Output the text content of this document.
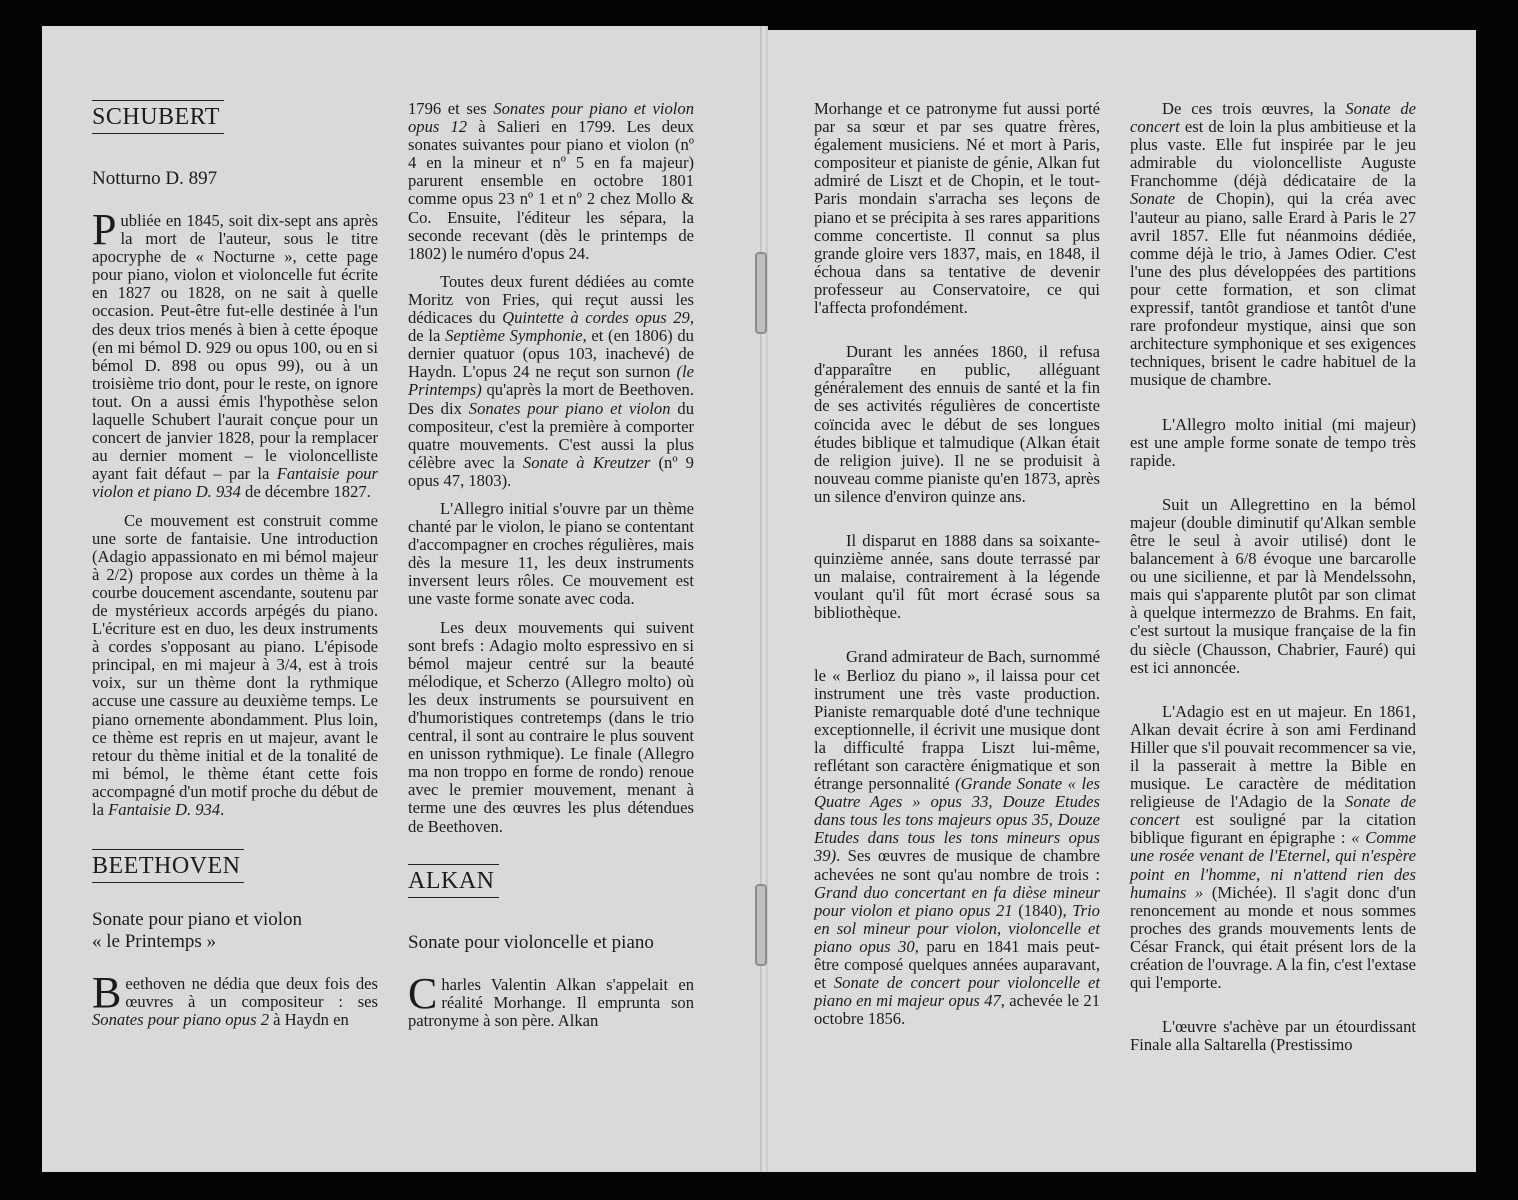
SCHUBERT
Notturno D. 897

Publiée en 1845, soit dix-sept ans après la mort de l'auteur, sous le titre apocryphe de « Nocturne », cette page pour piano, violon et violoncelle fut écrite en 1827 ou 1828, on ne sait à quelle occasion. Peut-être fut-elle destinée à l'un des deux trios menés à bien à cette époque (en mi bémol D. 929 ou opus 100, ou en si bémol D. 898 ou opus 99), ou à un troisième trio dont, pour le reste, on ignore tout. On a aussi émis l'hypothèse selon laquelle Schubert l'aurait conçue pour un concert de janvier 1828, pour la remplacer au dernier moment – le violoncelliste ayant fait défaut – par la Fantaisie pour violon et piano D. 934 de décembre 1827.

Ce mouvement est construit comme une sorte de fantaisie. Une introduction (Adagio appassionato en mi bémol majeur à 2/2) propose aux cordes un thème à la courbe doucement ascendante, soutenu par de mystérieux accords arpégés du piano. L'écriture est en duo, les deux instruments à cordes s'opposant au piano. L'épisode principal, en mi majeur à 3/4, est à trois voix, sur un thème dont la rythmique accuse une cassure au deuxième temps. Le piano ornemente abondamment. Plus loin, ce thème est repris en ut majeur, avant le retour du thème initial et de la tonalité de mi bémol, le thème étant cette fois accompagné d'un motif proche du début de la Fantaisie D. 934.

BEETHOVEN
Sonate pour piano et violon
« le Printemps »

Beethoven ne dédia que deux fois des œuvres à un compositeur : ses Sonates pour piano opus 2 à Haydn en

1796 et ses Sonates pour piano et violon opus 12 à Salieri en 1799. Les deux sonates suivantes pour piano et violon (nº 4 en la mineur et nº 5 en fa majeur) parurent ensemble en octobre 1801 comme opus 23 nº 1 et nº 2 chez Mollo & Co. Ensuite, l'éditeur les sépara, la seconde recevant (dès le printemps de 1802) le numéro d'opus 24.

Toutes deux furent dédiées au comte Moritz von Fries, qui reçut aussi les dédicaces du Quintette à cordes opus 29, de la Septième Symphonie, et (en 1806) du dernier quatuor (opus 103, inachevé) de Haydn. L'opus 24 ne reçut son surnon (le Printemps) qu'après la mort de Beethoven. Des dix Sonates pour piano et violon du compositeur, c'est la première à comporter quatre mouvements. C'est aussi la plus célèbre avec la Sonate à Kreutzer (nº 9 opus 47, 1803).

L'Allegro initial s'ouvre par un thème chanté par le violon, le piano se contentant d'accompagner en croches régulières, mais dès la mesure 11, les deux instruments inversent leurs rôles. Ce mouvement est une vaste forme sonate avec coda.

Les deux mouvements qui suivent sont brefs : Adagio molto espressivo en si bémol majeur centré sur la beauté mélodique, et Scherzo (Allegro molto) où les deux instruments se poursuivent en d'humoristiques contretemps (dans le trio central, il sont au contraire le plus souvent en unisson rythmique). Le finale (Allegro ma non troppo en forme de rondo) renoue avec le premier mouvement, menant à terme une des œuvres les plus détendues de Beethoven.

ALKAN
Sonate pour violoncelle et piano

Charles Valentin Alkan s'appelait en réalité Morhange. Il emprunta son patronyme à son père. Alkan

Morhange et ce patronyme fut aussi porté par sa sœur et par ses quatre frères, également musiciens. Né et mort à Paris, compositeur et pianiste de génie, Alkan fut admiré de Liszt et de Chopin, et le tout-Paris mondain s'arracha ses leçons de piano et se précipita à ses rares apparitions comme concertiste. Il connut sa plus grande gloire vers 1837, mais, en 1848, il échoua dans sa tentative de devenir professeur au Conservatoire, ce qui l'affecta profondément.

Durant les années 1860, il refusa d'apparaître en public, alléguant généralement des ennuis de santé et la fin de ses activités régulières de concertiste coïncida avec le début de ses longues études biblique et talmudique (Alkan était de religion juive). Il ne se produisit à nouveau comme pianiste qu'en 1873, après un silence d'environ quinze ans.

Il disparut en 1888 dans sa soixante-quinzième année, sans doute terrassé par un malaise, contrairement à la légende voulant qu'il fût mort écrasé sous sa bibliothèque.

Grand admirateur de Bach, surnommé le « Berlioz du piano », il laissa pour cet instrument une très vaste production. Pianiste remarquable doté d'une technique exceptionnelle, il écrivit une musique dont la difficulté frappa Liszt lui-même, reflétant son caractère énigmatique et son étrange personnalité (Grande Sonate « les Quatre Ages » opus 33, Douze Etudes dans tous les tons majeurs opus 35, Douze Etudes dans tous les tons mineurs opus 39). Ses œuvres de musique de chambre achevées ne sont qu'au nombre de trois : Grand duo concertant en fa dièse mineur pour violon et piano opus 21 (1840), Trio en sol mineur pour violon, violoncelle et piano opus 30, paru en 1841 mais peut-être composé quelques années auparavant, et Sonate de concert pour violoncelle et piano en mi majeur opus 47, achevée le 21 octobre 1856.

De ces trois œuvres, la Sonate de concert est de loin la plus ambitieuse et la plus vaste. Elle fut inspirée par le jeu admirable du violoncelliste Auguste Franchomme (déjà dédicataire de la Sonate de Chopin), qui la créa avec l'auteur au piano, salle Erard à Paris le 27 avril 1857. Elle fut néanmoins dédiée, comme déjà le trio, à James Odier. C'est l'une des plus développées des partitions pour cette formation, et son climat expressif, tantôt grandiose et tantôt d'une rare profondeur mystique, ainsi que son architecture symphonique et ses exigences techniques, brisent le cadre habituel de la musique de chambre.

L'Allegro molto initial (mi majeur) est une ample forme sonate de tempo très rapide.

Suit un Allegrettino en la bémol majeur (double diminutif qu'Alkan semble être le seul à avoir utilisé) dont le balancement à 6/8 évoque une barcarolle ou une sicilienne, et par là Mendelssohn, mais qui s'apparente plutôt par son climat à quelque intermezzo de Brahms. En fait, c'est surtout la musique française de la fin du siècle (Chausson, Chabrier, Fauré) qui est ici annoncée.

L'Adagio est en ut majeur. En 1861, Alkan devait écrire à son ami Ferdinand Hiller que s'il pouvait recommencer sa vie, il la passerait à mettre la Bible en musique. Le caractère de méditation religieuse de l'Adagio de la Sonate de concert est souligné par la citation biblique figurant en épigraphe : « Comme une rosée venant de l'Eternel, qui n'espère point en l'homme, ni n'attend rien des humains » (Michée). Il s'agit donc d'un renoncement au monde et nous sommes proches des grands mouvements lents de César Franck, qui était présent lors de la création de l'ouvrage. A la fin, c'est l'extase qui l'emporte.

L'œuvre s'achève par un étourdissant Finale alla Saltarella (Prestissimo
